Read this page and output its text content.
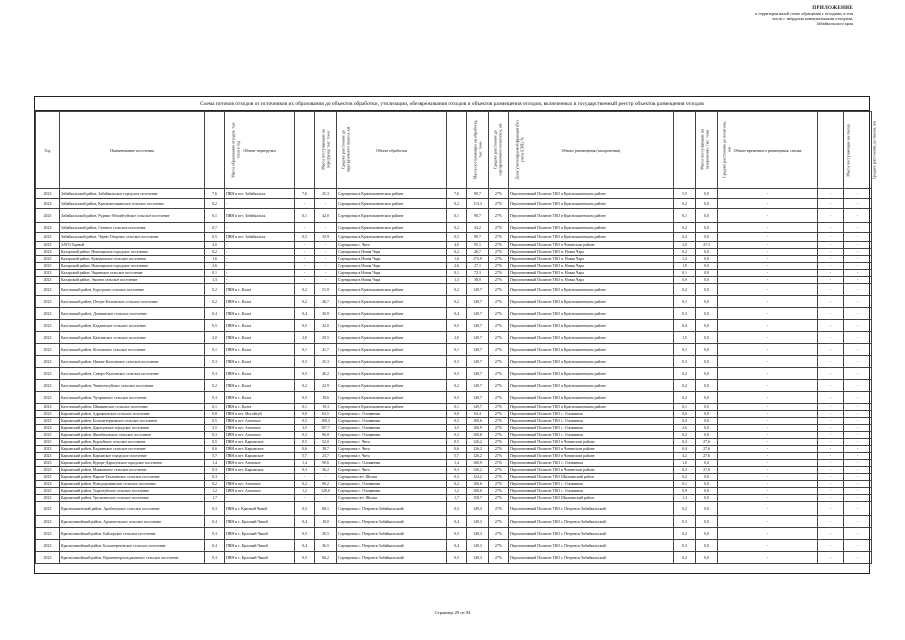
ПРИЛОЖЕНИЕ
к территориальной схеме обращения с отходами, в том
числе с твёрдыми коммунальными отходами,
Забайкальского края
Схема потоков отходов от источников их образования до объектов обработки, утилизации, обезвреживания отходов и объектов размещения отходов, включенных в государственный реестр объектов размещения отходов
Год	Наименование поселения	Масса образования отходов, тыс. тонн в год	Объект перегрузки	Масса поступающих на перегрузку, тыс. тонн	Среднее расстояние до перегрузочного пункта, км	Объект обработки	Масса поступающих на обработку, тыс. тонн	Среднее расстояние до сортировочного комплекса, км	Доля утилизируемой фракции (без учета ЕЭП), %	Объект размещения (захоронения)	Масса поступающих на захоронение, тыс. тонн	Среднее расстояние до полигона, км	Объект временного размещения, свалка	Масса поступающих на свалку	Среднее расстояние до свалки, км
2023	Забайкальский район, Забайкальское городское поселение	7,6	ПВН в пгт. Забайкальск	7,6	25,3	Сортировка в Краснокаменском районе	7,6	98,7	27%	Перспективный Полигон ТКО в Краснокаменском районе	5,5	0,0	-	-	-
2023	Забайкальский район, Красновеликанское сельское поселение	0,2	-	-	-	Сортировка в Краснокаменском районе	0,2	113,3	27%	Перспективный Полигон ТКО в Краснокаменском районе	0,2	0,0	-	-	-
2023	Забайкальский район, Рудник-Абагайтуйское сельское поселение	0,1	ПВН в пгт. Забайкальск	0,1	42,0	Сортировка в Краснокаменском районе	0,1	98,7	27%	Перспективный Полигон ТКО в Краснокаменском районе	0,1	0,0	-	-	-
2023	Забайкальский район, Степное сельское поселение	0,7	-	-	-	Сортировка в Краснокаменском районе	0,2	43,2	27%	Перспективный Полигон ТКО в Краснокаменском районе	0,2	0,0	-	-	-
2023	Забайкальский район, Черно-Озерское сельское поселение	0,5	ПВН в пгт. Забайкальск	0,5	35,9	Сортировка в Краснокаменском районе	0,5	98,7	27%	Перспективный Полигон ТКО в Краснокаменском районе	0,4	0,0	-	-	-
2023	ЗАТО Горный	4,0	-	-	-	Сортировка г. Чита	4,0	95,1	27%	Перспективный Полигон ТКО в Читинском районе	3,0	27,5	-	-	-
2023	Каларский район, Новочарское городское поселение	0,2	-	-	-	Сортировка в Новая Чара	0,2	26,7	27%	Перспективный Полигон ТКО в. Новая Чара	0,2	0,0	-	-	-
2023	Каларский район, Куандинское сельское поселение	1,6	-	-	-	Сортировка в Новая Чара	1,6	175,9	27%	Перспективный Полигон ТКО в. Новая Чара	1,2	0,0	-	-	-
2023	Каларский район, Новочарское городское поселение	2,6	-	-	-	Сортировка в Новая Чара	2,6	27,1	27%	Перспективный Полигон ТКО в. Новая Чара	1,9	0,0	-	-	-
2023	Каларский район, Чаринское сельское поселение	0,1	-	-	-	Сортировка в Новая Чара	0,1	72,3	27%	Перспективный Полигон ТКО в. Новая Чара	0,1	0,0	-	-	-
2023	Каларский район, Экоптм сельское поселение	1,3	-	-	-	Сортировка в Новая Чара	1,3	38,0	27%	Перспективный Полигон ТКО в. Новая Чара	0,9	0,0	-	-	-
2023	Калганский район, Бура-рыне сельское поселение	0,2	ПВН в с. Калга	0,2	51,9	Сортировка в Краснокаменском районе	0,2	149,7	27%	Перспективный Полигон ТКО в Краснокаменском районе	0,2	0,0	-	-	-
2023	Калганский район, Петуш-Калганское сельское поселение	0,2	ПВН в с. Калга	0,2	40,7	Сортировка в Краснокаменском районе	0,2	149,7	27%	Перспективный Полигон ТКО в Краснокаменском районе	0,1	0,0	-	-	-
2023	Калганский район, Доннинское сельское поселение	0,4	ПВН в с. Калга	0,4	30,9	Сортировка в Краснокаменском районе	0,4	149,7	27%	Перспективный Полигон ТКО в Краснокаменском районе	0,3	0,0	-	-	-
2023	Калганский район, Кадаинское сельское поселение	0,5	ПВН в с. Калга	0,5	32,0	Сортировка в Краснокаменском районе	0,5	149,7	27%	Перспективный Полигон ТКО в Краснокаменском районе	0,4	0,0	-	-	-
2023	Калганский район, Калгинское сельское поселение	2,0	ПВН в с. Калга	2,0	29,5	Сортировка в Краснокаменском районе	2,0	149,7	27%	Перспективный Полигон ТКО в Краснокаменском районе	1,5	0,0	-	-	-
2023	Калганский район, Козловское сельское поселение	0,1	ПВН в с. Калга	0,1	41,7	Сортировка в Краснокаменском районе	0,1	149,7	27%	Перспективный Полигон ТКО в Краснокаменском районе	0,1	0,0	-	-	-
2023	Калганский район, Нижне-Калгинское сельское поселение	0,3	ПВН в с. Калга	0,3	25,3	Сортировка в Краснокаменском районе	0,3	149,7	27%	Перспективный Полигон ТКО в Краснокаменском районе	0,3	0,0	-	-	-
2023	Калганский район, Северо-Калганское сельское поселение	0,3	ПВН в с. Калга	0,3	40,2	Сортировка в Краснокаменском районе	0,3	149,7	27%	Перспективный Полигон ТКО в Краснокаменском районе	0,2	0,0	-	-	-
2023	Калганский район, Чингильтуйское сельское поселение	0,2	ПВН в с. Калга	0,2	22,9	Сортировка в Краснокаменском районе	0,2	149,7	27%	Перспективный Полигон ТКО в Краснокаменском районе	0,2	0,0	-	-	-
2023	Калганский район, Чупринское сельское поселение	0,3	ПВН в с. Калга	0,3	18,6	Сортировка в Краснокаменском районе	0,3	149,7	27%	Перспективный Полигон ТКО в Краснокаменском районе	0,2	0,0	-	-	-
2023	Калганский район, Шивиинское сельское поселение	0,1	ПВН в с. Калга	0,1	19,3	Сортировка в Краснокаменском районе	0,1	149,7	27%	Перспективный Полигон ТКО в Краснокаменском районе	0,1	0,0	-	-	-
2023	Карымский район, Адриановское сельское поселение	0,8	ПВН в пгт. Могойтуй	0,8	63,5	Сортировка с. Оловянная	0,8	64,4	27%	Перспективный Полигон ТКО с. Оловянная	0,6	0,0	-	-	-
2023	Карымский район, Большетерновское сельское поселение	0,5	ПВН в пгт. Агинское	0,5	100,3	Сортировка с. Оловянная	0,5	100,6	27%	Перспективный Полигон ТКО с. Оловянная	0,4	0,0	-	-	-
2023	Карымский район, Дарасунское городское поселение	3,5	ПВН в пгт. Агинское	3,5	107,7	Сортировка с. Оловянная	3,5	100,9	27%	Перспективный Полигон ТКО с. Оловянная	2,6	0,0	-	-	-
2023	Карымский район, Жимбиловское сельское поселение	0,3	ПВН в пгт. Агинское	0,3	96,8	Сортировка с. Оловянная	0,3	100,8	27%	Перспективный Полигон ТКО с. Оловянная	0,2	0,0	-	-	-
2023	Карымский район, Курлейское сельское поселение	0,5	ПВН в пгт. Карымское	0,5	52,0	Сортировка г. Чита	0,5	126,2	27%	Перспективный Полигон ТКО в Читинском районе	0,4	27,6	-	-	-
2023	Карымский район, Кадаинское сельское поселение	0,6	ПВН в пгт. Карымское	0,6	38,7	Сортировка г. Чита	0,6	126,2	27%	Перспективный Полигон ТКО в Читинском районе	0,4	27,6	-	-	-
2023	Карымский район, Карымское городское поселение	5,7	ПВН в пгт. Карымское	5,7	23,7	Сортировка г. Чита	5,7	126,2	27%	Перспективный Полигон ТКО в Читинском районе	4,2	27,6	-	-	-
2023	Карымский район, Курорт-Дарасунское городское поселение	1,4	ПВН в пгт. Агинское	1,4	98,6	Сортировка с. Оловянная	1,4	100,9	27%	Перспективный Полигон ТКО с. Оловянная	1,0	0,0	-	-	-
2023	Карымский район, Маякинское сельское поселение	0,3	ПВН в пгт. Карымское	0,3	36,2	Сортировка г. Чита	0,3	126,2	27%	Перспективный Полигон ТКО в Читинском районе	0,2	27,6	-	-	-
2023	Карымский район, Нарын-Талачинское сельское поселение	0,3	-	-	-	Сортировка пгт. Шилка	0,3	124,2	27%	Перспективный Полигон ТКО Шилкинский район	0,2	0,0	-	-	-
2023	Карымский район, Новодоронинское сельское поселение	0,2	ПВН в пгт. Агинское	0,2	90,2	Сортировка с. Оловянная	0,2	100,6	27%	Перспективный Полигон ТКО с. Оловянная	0,1	0,0	-	-	-
2023	Карымский район, Тыргетуйское сельское поселение	1,2	ПВН в пгт. Агинское	1,2	120,0	Сортировка с. Оловянная	1,2	100,6	27%	Перспективный Полигон ТКО с. Оловянная	0,9	0,0	-	-	-
2023	Карымский район, Урульгинское сельское поселение	1,7	-	-	-	Сортировка пгт. Шилка	1,7	150,7	27%	Перспективный Полигон ТКО Шилкинский район	1,3	0,0	-	-	-
2023	Краснокаменский район, Арабатукское сельское поселение	0,3	ПВН в г. Красный Чикой	0,3	68,1	Сортировка с. Петровск-Забайкальский	0,3	149,3	27%	Перспективный Полигон ТКО г. Петровск-Забайкальский	0,2	0,0	-	-	-
2023	Красночикойский район, Архангельское сельское поселение	0,4	ПВН в с. Красный Чикой	0,4	10,0	Сортировка с. Петровск-Забайкальский	0,4	149,3	27%	Перспективный Полигон ТКО г. Петровск-Забайкальский	0,3	0,0	-	-	-
2023	Красночикойский район, Байхорское сельское поселение	0,3	ПВН в с. Красный Чикой	0,3	30,5	Сортировка с. Петровск-Забайкальский	0,3	149,3	27%	Перспективный Полигон ТКО г. Петровск-Забайкальский	0,2	0,0	-	-	-
2023	Красночикойский район, Большереченское сельское поселение	0,4	ПВН в с. Красный Чикой	0,4	36,5	Сортировка с. Петровск-Забайкальский	0,4	149,3	27%	Перспективный Полигон ТКО г. Петровск-Забайкальский	0,3	0,0	-	-	-
2023	Красночикойский район, Верхнешергольджинское сельское поселение	0,3	ПВН в с. Красный Чикой	0,3	66,2	Сортировка с. Петровск-Забайкальский	0,3	149,3	27%	Перспективный Полигон ТКО г. Петровск-Забайкальский	0,2	0,0	-	-	-
Страница 29 из 94
